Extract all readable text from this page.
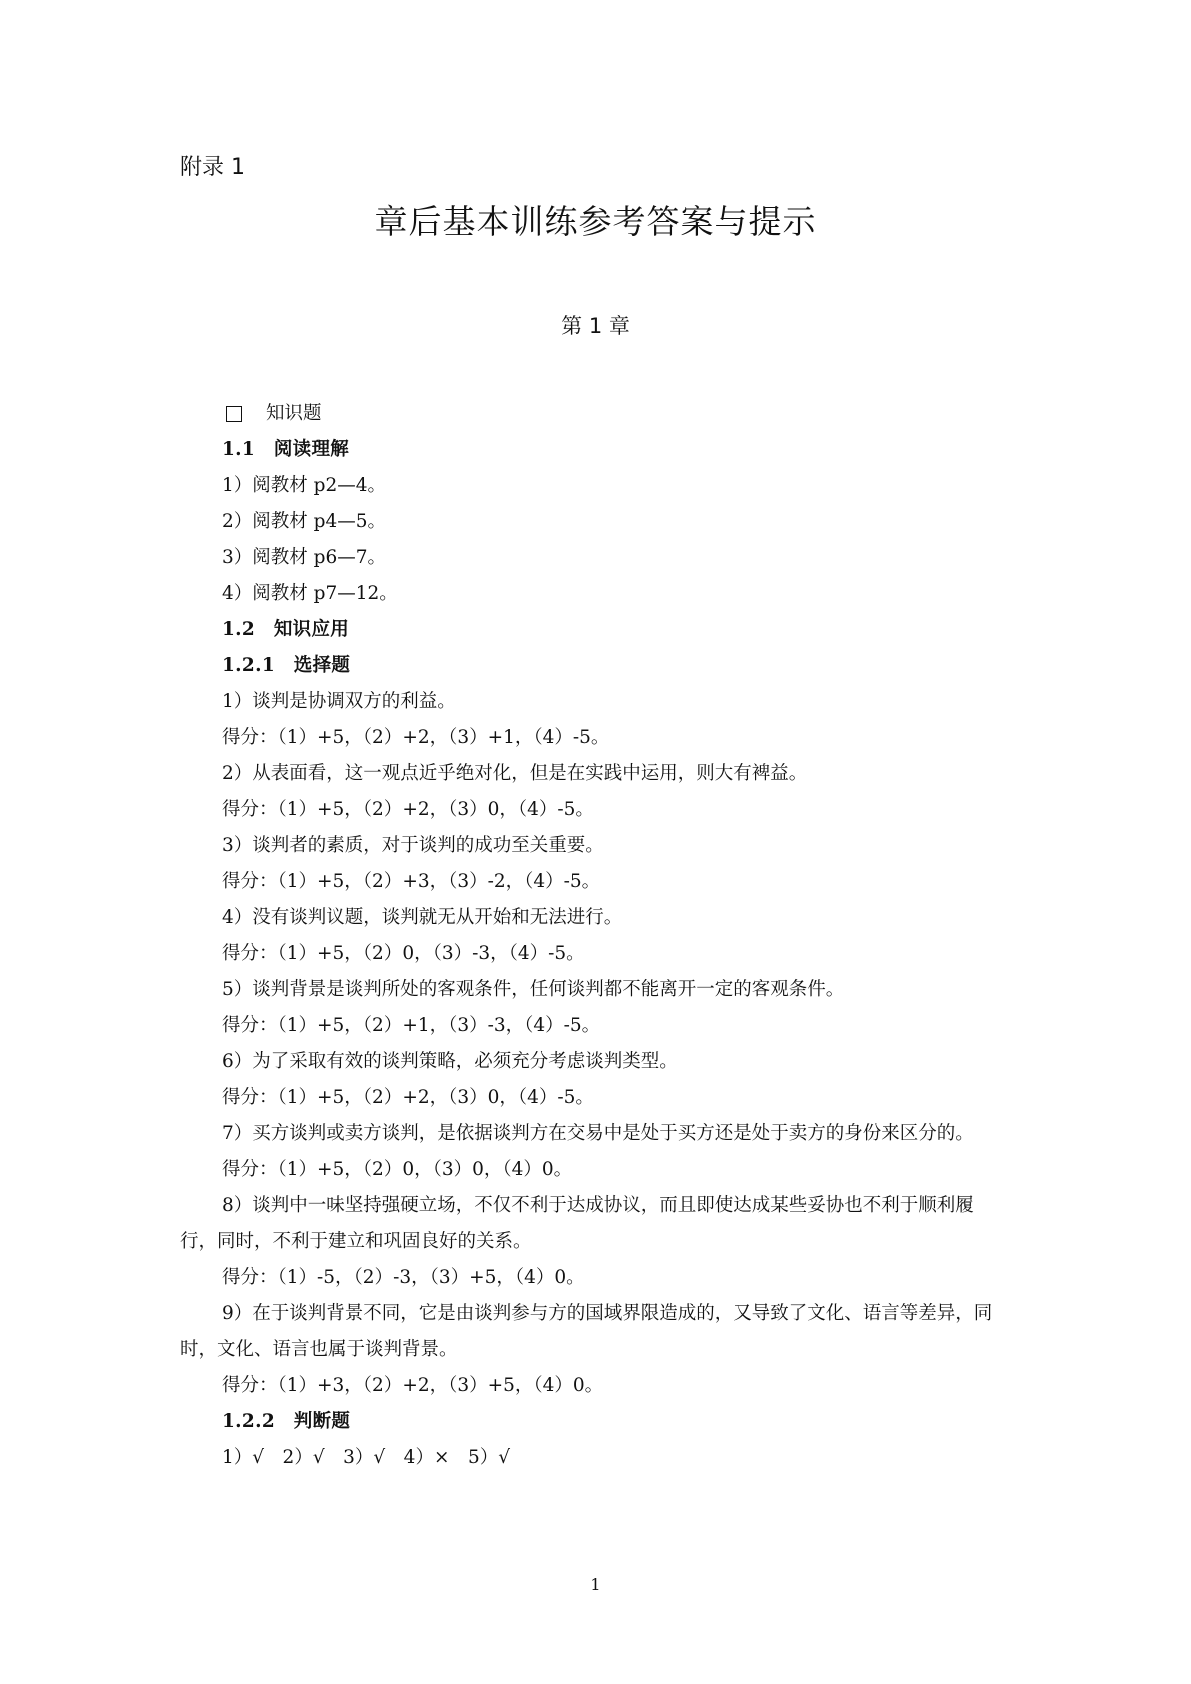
附录 1
章后基本训练参考答案与提示
第 1 章
知识题
1.1　阅读理解
1）阅教材 p2—4。
2）阅教材 p4—5。
3）阅教材 p6—7。
4）阅教材 p7—12。
1.2　知识应用
1.2.1　选择题
1）谈判是协调双方的利益。
得分：（1）+5，（2）+2，（3）+1，（4）-5。
2）从表面看，这一观点近乎绝对化，但是在实践中运用，则大有裨益。
得分：（1）+5，（2）+2，（3）0，（4）-5。
3）谈判者的素质，对于谈判的成功至关重要。
得分：（1）+5，（2）+3，（3）-2，（4）-5。
4）没有谈判议题，谈判就无从开始和无法进行。
得分：（1）+5，（2）0，（3）-3，（4）-5。
5）谈判背景是谈判所处的客观条件，任何谈判都不能离开一定的客观条件。
得分：（1）+5，（2）+1，（3）-3，（4）-5。
6）为了采取有效的谈判策略，必须充分考虑谈判类型。
得分：（1）+5，（2）+2，（3）0，（4）-5。
7）买方谈判或卖方谈判，是依据谈判方在交易中是处于买方还是处于卖方的身份来区分的。
得分：（1）+5，（2）0，（3）0，（4）0。
8）谈判中一味坚持强硬立场，不仅不利于达成协议，而且即使达成某些妥协也不利于顺利履行，同时，不利于建立和巩固良好的关系。
得分：（1）-5，（2）-3，（3）+5，（4）0。
9）在于谈判背景不同，它是由谈判参与方的国域界限造成的，又导致了文化、语言等差异，同时，文化、语言也属于谈判背景。
得分：（1）+3，（2）+2，（3）+5，（4）0。
1.2.2　判断题
1）√　2）√　3）√　4）×　5）√
1
